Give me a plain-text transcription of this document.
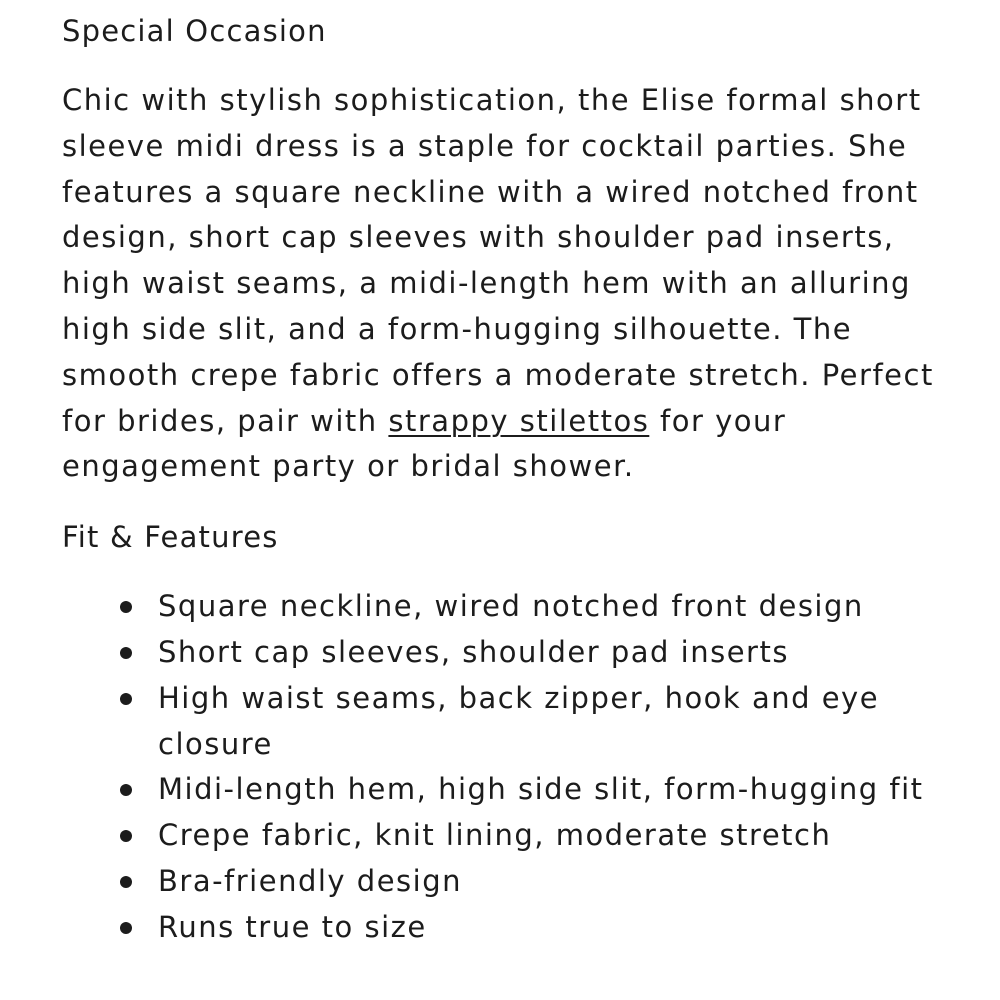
Special Occasion

Chic with stylish sophistication, the Elise formal short sleeve midi dress is a staple for cocktail parties. She features a square neckline with a wired notched front design, short cap sleeves with shoulder pad inserts, high waist seams, a midi-length hem with an alluring high side slit, and a form-hugging silhouette. The smooth crepe fabric offers a moderate stretch. Perfect for brides, pair with strappy stilettos for your engagement party or bridal shower.

Fit & Features
Square neckline, wired notched front design
Short cap sleeves, shoulder pad inserts
High waist seams, back zipper, hook and eye closure
Midi-length hem, high side slit, form-hugging fit
Crepe fabric, knit lining, moderate stretch
Bra-friendly design
Runs true to size
